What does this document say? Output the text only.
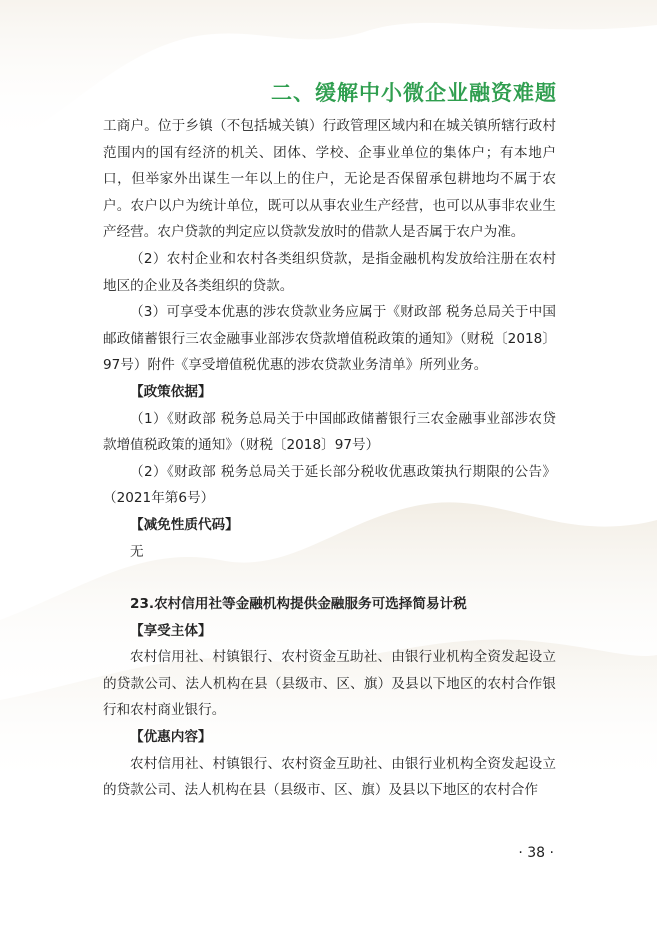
二、缓解中小微企业融资难题

工商户。位于乡镇（不包括城关镇）行政管理区域内和在城关镇所辖行政村范围内的国有经济的机关、团体、学校、企事业单位的集体户；有本地户口，但举家外出谋生一年以上的住户，无论是否保留承包耕地均不属于农户。农户以户为统计单位，既可以从事农业生产经营，也可以从事非农业生产经营。农户贷款的判定应以贷款发放时的借款人是否属于农户为准。

（2）农村企业和农村各类组织贷款，是指金融机构发放给注册在农村地区的企业及各类组织的贷款。

（3）可享受本优惠的涉农贷款业务应属于《财政部 税务总局关于中国邮政储蓄银行三农金融事业部涉农贷款增值税政策的通知》（财税〔2018〕97号）附件《享受增值税优惠的涉农贷款业务清单》所列业务。

【政策依据】

（1）《财政部 税务总局关于中国邮政储蓄银行三农金融事业部涉农贷款增值税政策的通知》（财税〔2018〕97号）

（2）《财政部 税务总局关于延长部分税收优惠政策执行期限的公告》（2021年第6号）

【减免性质代码】

无

23.农村信用社等金融机构提供金融服务可选择简易计税

【享受主体】

农村信用社、村镇银行、农村资金互助社、由银行业机构全资发起设立的贷款公司、法人机构在县（县级市、区、旗）及县以下地区的农村合作银行和农村商业银行。

【优惠内容】

农村信用社、村镇银行、农村资金互助社、由银行业机构全资发起设立的贷款公司、法人机构在县（县级市、区、旗）及县以下地区的农村合作

· 38 ·
